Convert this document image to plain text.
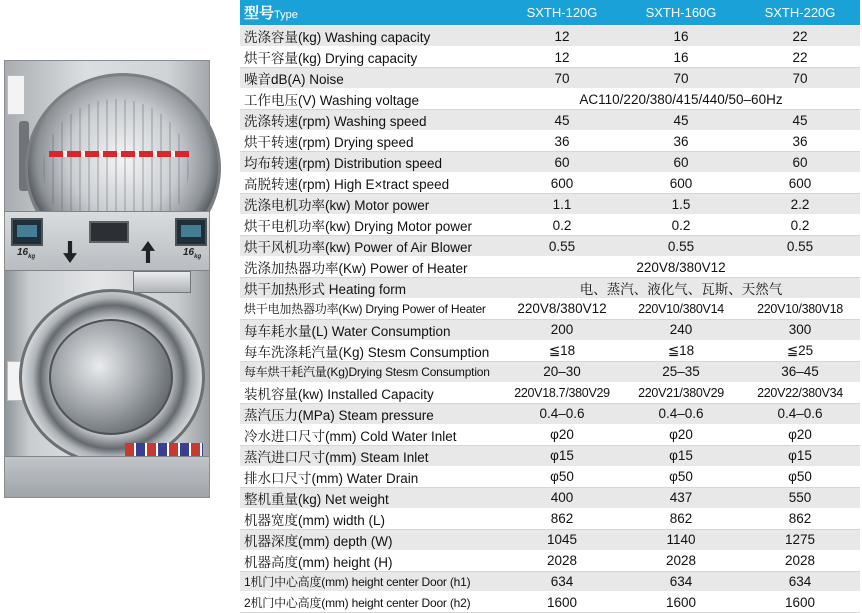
$16_{kg}$	$16_{kg}$
型号Type	SXTH-120G	SXTH-160G	SXTH-220G
洗涤容量(kg) Washing capacity	12	16	22
烘干容量(kg) Drying capacity	12	16	22
噪音dB(A) Noise	70	70	70
工作电压(V) Washing voltage	AC110/220/380/415/440/50–60Hz		
洗涤转速(rpm) Washing speed	45	45	45
烘干转速(rpm) Drying speed	36	36	36
均布转速(rpm) Distribution speed	60	60	60
高脱转速(rpm) High E×tract speed	600	600	600
洗涤电机功率(kw) Motor power	1.1	1.5	2.2
烘干电机功率(kw) Drying Motor power	0.2	0.2	0.2
烘干风机功率(kw) Power of Air Blower	0.55	0.55	0.55
洗涤加热器功率(Kw) Power of Heater	220V8/380V12		
烘干加热形式 Heating form	电、蒸汽、液化气、瓦斯、天然气		
烘干电加热器功率(Kw) Drying Power of Heater	220V8/380V12	220V10/380V14	220V10/380V18
每车耗水量(L) Water Consumption	200	240	300
每车洗涤耗汽量(Kg) Stesm Consumption	≦18	≦18	≦25
每车烘干耗汽量(Kg)Drying Stesm Consumption	20–30	25–35	36–45
装机容量(kw) Installed Capacity	220V18.7/380V29	220V21/380V29	220V22/380V34
蒸汽压力(MPa) Steam pressure	0.4–0.6	0.4–0.6	0.4–0.6
冷水进口尺寸(mm) Cold Water Inlet	φ20	φ20	φ20
蒸汽进口尺寸(mm) Steam Inlet	φ15	φ15	φ15
排水口尺寸(mm) Water Drain	φ50	φ50	φ50
整机重量(kg) Net weight	400	437	550
机器宽度(mm) width (L)	862	862	862
机器深度(mm) depth (W)	1045	1140	1275
机器高度(mm) height (H)	2028	2028	2028
1机门中心高度(mm) height center Door (h1)	634	634	634
2机门中心高度(mm) height center Door (h2)	1600	1600	1600
